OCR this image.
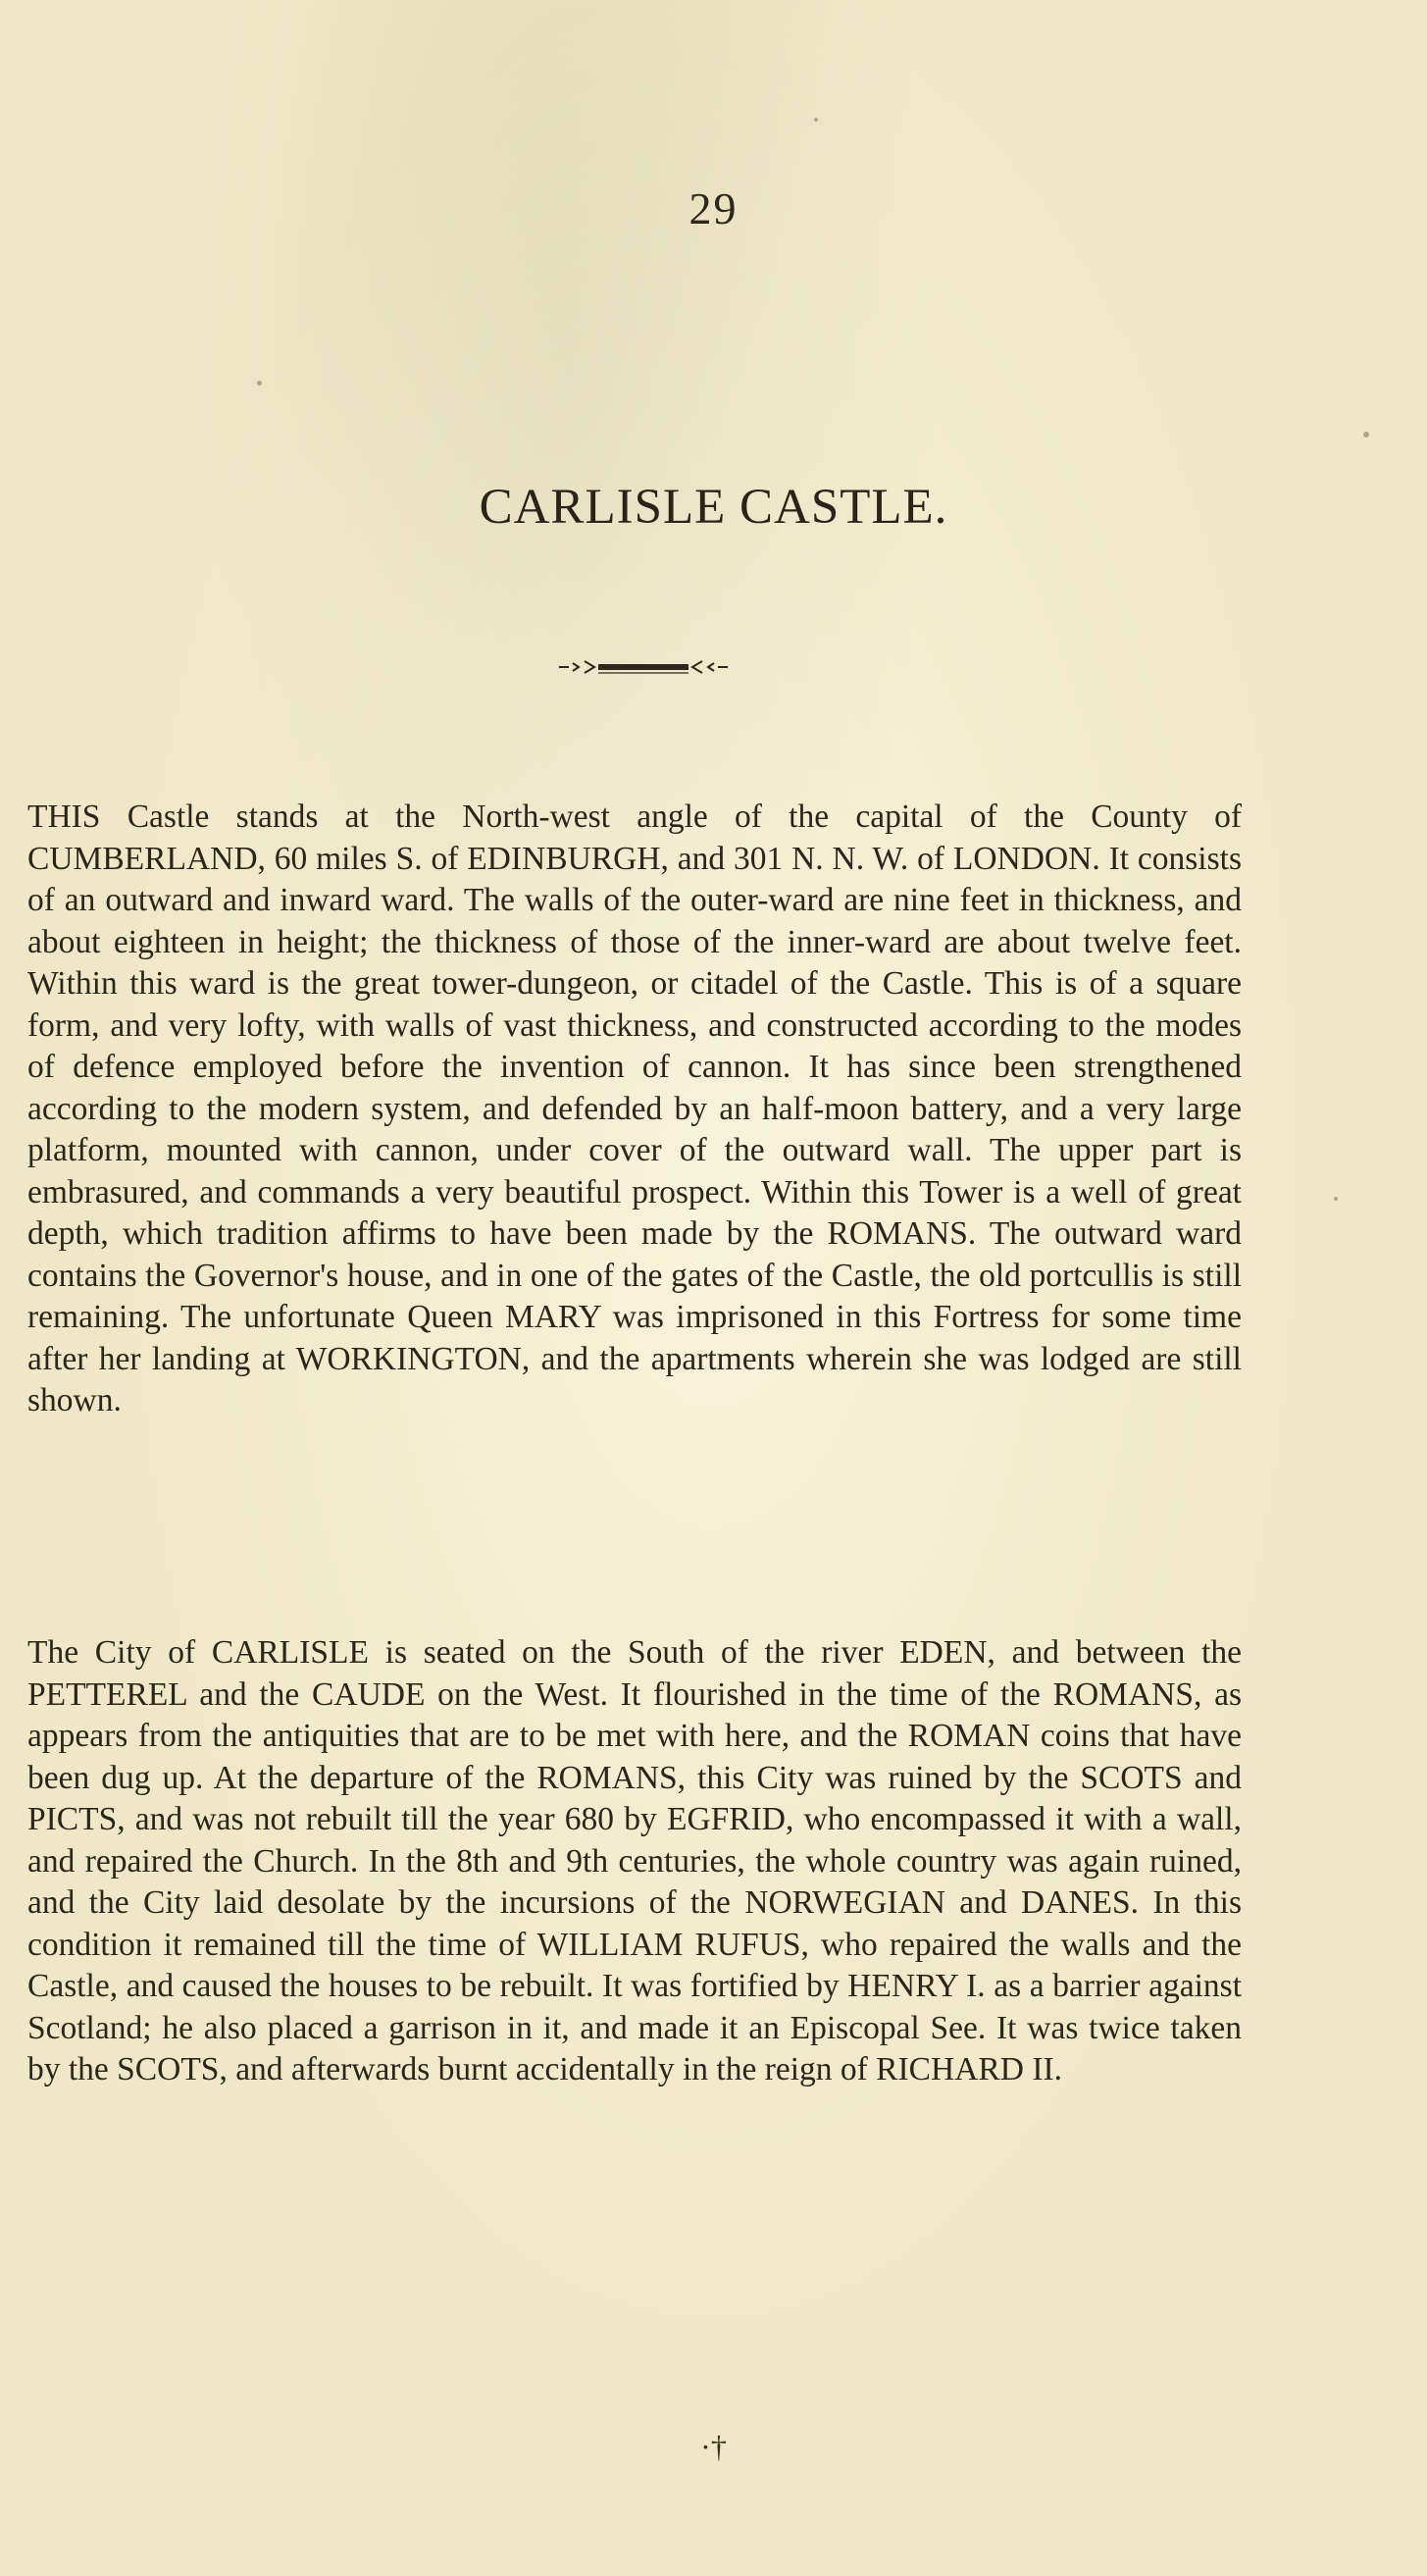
29
CARLISLE CASTLE.

THIS Castle stands at the North-west angle of the capital of the County of CUMBERLAND, 60 miles S. of EDINBURGH, and 301 N. N. W. of LONDON. It consists of an outward and inward ward. The walls of the outer-ward are nine feet in thickness, and about eighteen in height; the thickness of those of the inner-ward are about twelve feet. Within this ward is the great tower-dungeon, or citadel of the Castle. This is of a square form, and very lofty, with walls of vast thickness, and constructed according to the modes of defence employed before the invention of cannon. It has since been strengthened according to the modern system, and defended by an half-moon battery, and a very large platform, mounted with cannon, under cover of the outward wall. The upper part is embrasured, and commands a very beautiful prospect. Within this Tower is a well of great depth, which tradition affirms to have been made by the ROMANS. The outward ward contains the Governor's house, and in one of the gates of the Castle, the old portcullis is still remaining. The unfortunate Queen MARY was imprisoned in this Fortress for some time after her landing at WORKINGTON, and the apartments wherein she was lodged are still shown.

The City of CARLISLE is seated on the South of the river EDEN, and between the PETTEREL and the CAUDE on the West. It flourished in the time of the ROMANS, as appears from the antiquities that are to be met with here, and the ROMAN coins that have been dug up. At the departure of the ROMANS, this City was ruined by the SCOTS and PICTS, and was not rebuilt till the year 680 by EGFRID, who encompassed it with a wall, and repaired the Church. In the 8th and 9th centuries, the whole country was again ruined, and the City laid desolate by the incursions of the NORWEGIAN and DANES. In this condition it remained till the time of WILLIAM RUFUS, who repaired the walls and the Castle, and caused the houses to be rebuilt. It was fortified by HENRY I. as a barrier against Scotland; he also placed a garrison in it, and made it an Episcopal See. It was twice taken by the SCOTS, and afterwards burnt accidentally in the reign of RICHARD II.

·†
